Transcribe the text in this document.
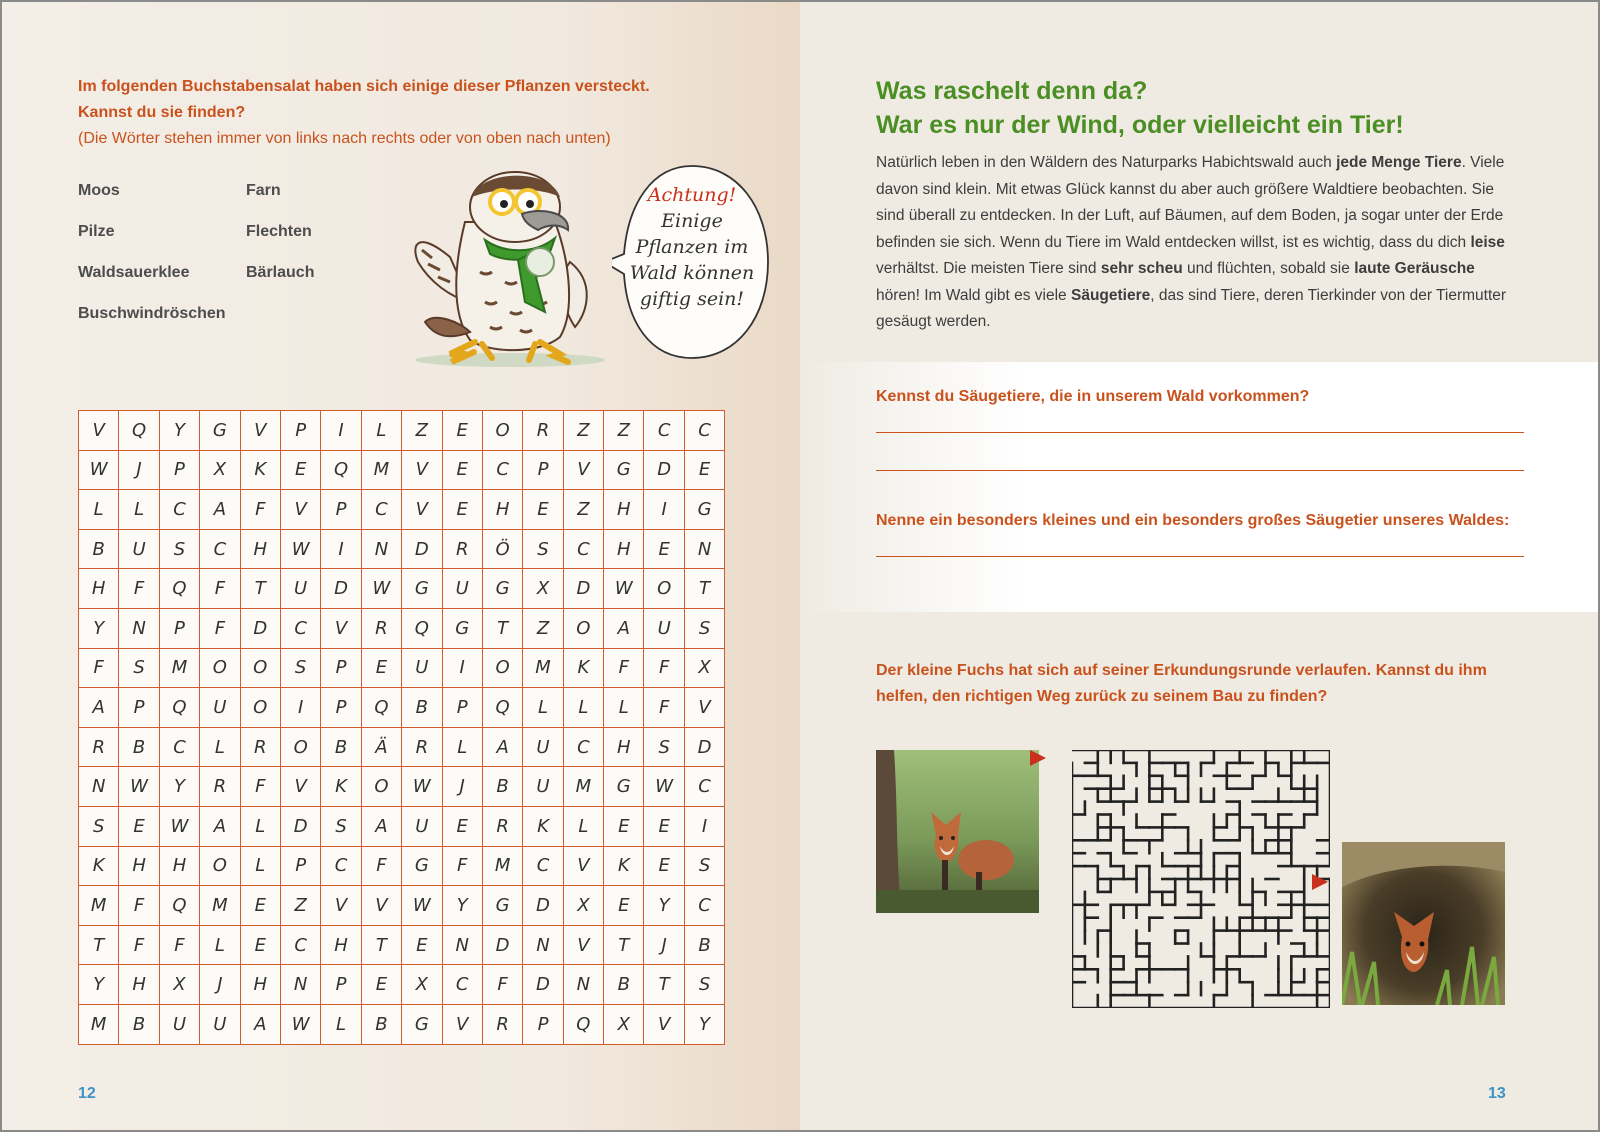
Im folgenden Buchstabensalat haben sich einige dieser Pflanzen versteckt.
Kannst du sie finden?
(Die Wörter stehen immer von links nach rechts oder von oben nach unten)
Moos	Farn
Pilze	Flechten
Waldsauerklee	Bärlauch
Buschwindröschen
Achtung!
Einige
Pflanzen im
Wald können
giftig sein!
V	Q	Y	G	V	P	I	L	Z	E	O	R	Z	Z	C	C
W	J	P	X	K	E	Q	M	V	E	C	P	V	G	D	E
L	L	C	A	F	V	P	C	V	E	H	E	Z	H	I	G
B	U	S	C	H	W	I	N	D	R	Ö	S	C	H	E	N
H	F	Q	F	T	U	D	W	G	U	G	X	D	W	O	T
Y	N	P	F	D	C	V	R	Q	G	T	Z	O	A	U	S
F	S	M	O	O	S	P	E	U	I	O	M	K	F	F	X
A	P	Q	U	O	I	P	Q	B	P	Q	L	L	L	F	V
R	B	C	L	R	O	B	Ä	R	L	A	U	C	H	S	D
N	W	Y	R	F	V	K	O	W	J	B	U	M	G	W	C
S	E	W	A	L	D	S	A	U	E	R	K	L	E	E	I
K	H	H	O	L	P	C	F	G	F	M	C	V	K	E	S
M	F	Q	M	E	Z	V	V	W	Y	G	D	X	E	Y	C
T	F	F	L	E	C	H	T	E	N	D	N	V	T	J	B
Y	H	X	J	H	N	P	E	X	C	F	D	N	B	T	S
M	B	U	U	A	W	L	B	G	V	R	P	Q	X	V	Y
12
Was raschelt denn da?
War es nur der Wind, oder vielleicht ein Tier!
Natürlich leben in den Wäldern des Naturparks Habichtswald auch jede Menge Tiere. Viele davon sind klein. Mit etwas Glück kannst du aber auch größere Waldtiere beobachten. Sie sind überall zu entdecken. In der Luft, auf Bäumen, auf dem Boden, ja sogar unter der Erde befinden sie sich. Wenn du Tiere im Wald entdecken willst, ist es wichtig, dass du dich leise verhältst. Die meisten Tiere sind sehr scheu und flüchten, sobald sie laute Geräusche hören! Im Wald gibt es viele Säugetiere, das sind Tiere, deren Tierkinder von der Tiermutter gesäugt werden.
Kennst du Säugetiere, die in unserem Wald vorkommen?
Nenne ein besonders kleines und ein besonders großes Säugetier unseres Waldes:
Der kleine Fuchs hat sich auf seiner Erkundungsrunde verlaufen. Kannst du ihm helfen, den richtigen Weg zurück zu seinem Bau zu finden?
13
